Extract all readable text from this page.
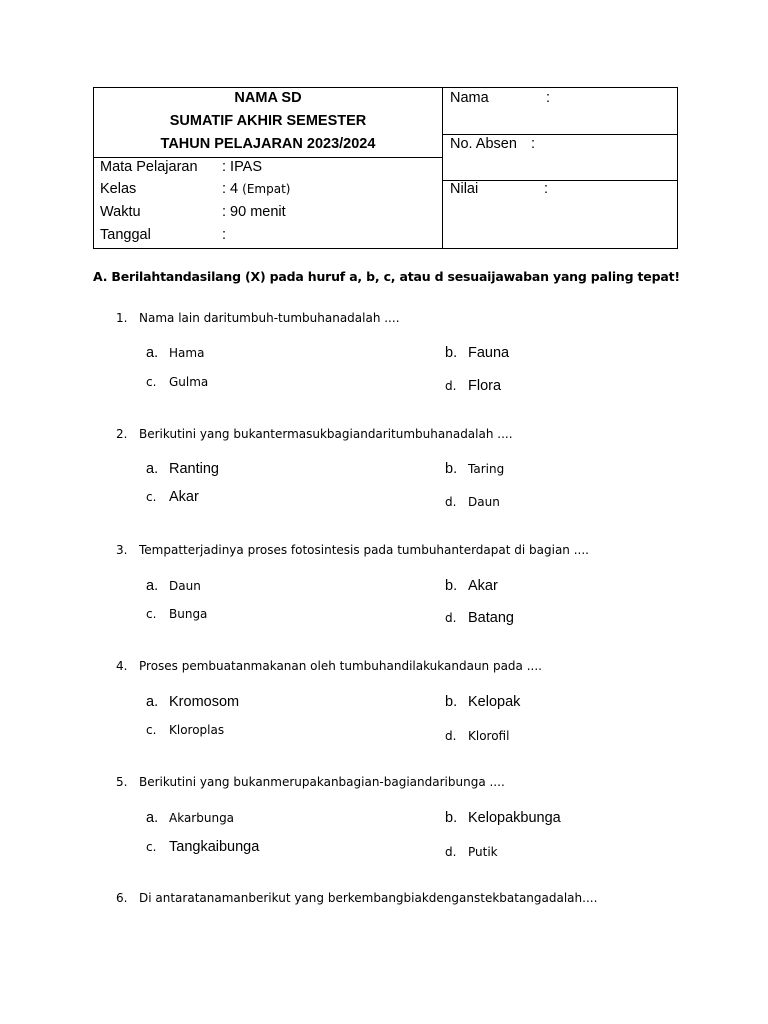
NAMA SD
SUMATIF AKHIR SEMESTER
TAHUN PELAJARAN 2023/2024
Mata Pelajaran : IPAS
Kelas	: 4 (Empat)
Waktu	: 90 menit
Tanggal	:
Nama	:
No. Absen :
Nilai	:
A. Berilahtandasilang (X) pada huruf a, b, c, atau d sesuaijawaban yang paling tepat!
1. Nama lain daritumbuh-tumbuhanadalah ....
a. Hama	b. Fauna
c. Gulma	d. Flora
2. Berikutini yang bukantermasukbagiandaritumbuhanadalah ....
a. Ranting	b. Taring
c. Akar	d. Daun
3. Tempatterjadinya proses fotosintesis pada tumbuhanterdapat di bagian ....
a. Daun	b. Akar
c. Bunga	d. Batang
4. Proses pembuatanmakanan oleh tumbuhandilakukandaun pada ....
a. Kromosom	b. Kelopak
c. Kloroplas	d. Klorofil
5. Berikutini yang bukanmerupakanbagian-bagiandaribunga ....
a. Akarbunga	b. Kelopakbunga
c. Tangkaibunga	d. Putik
6. Di antaratanamanberikut yang berkembangbiakdenganstekbatangadalah....
